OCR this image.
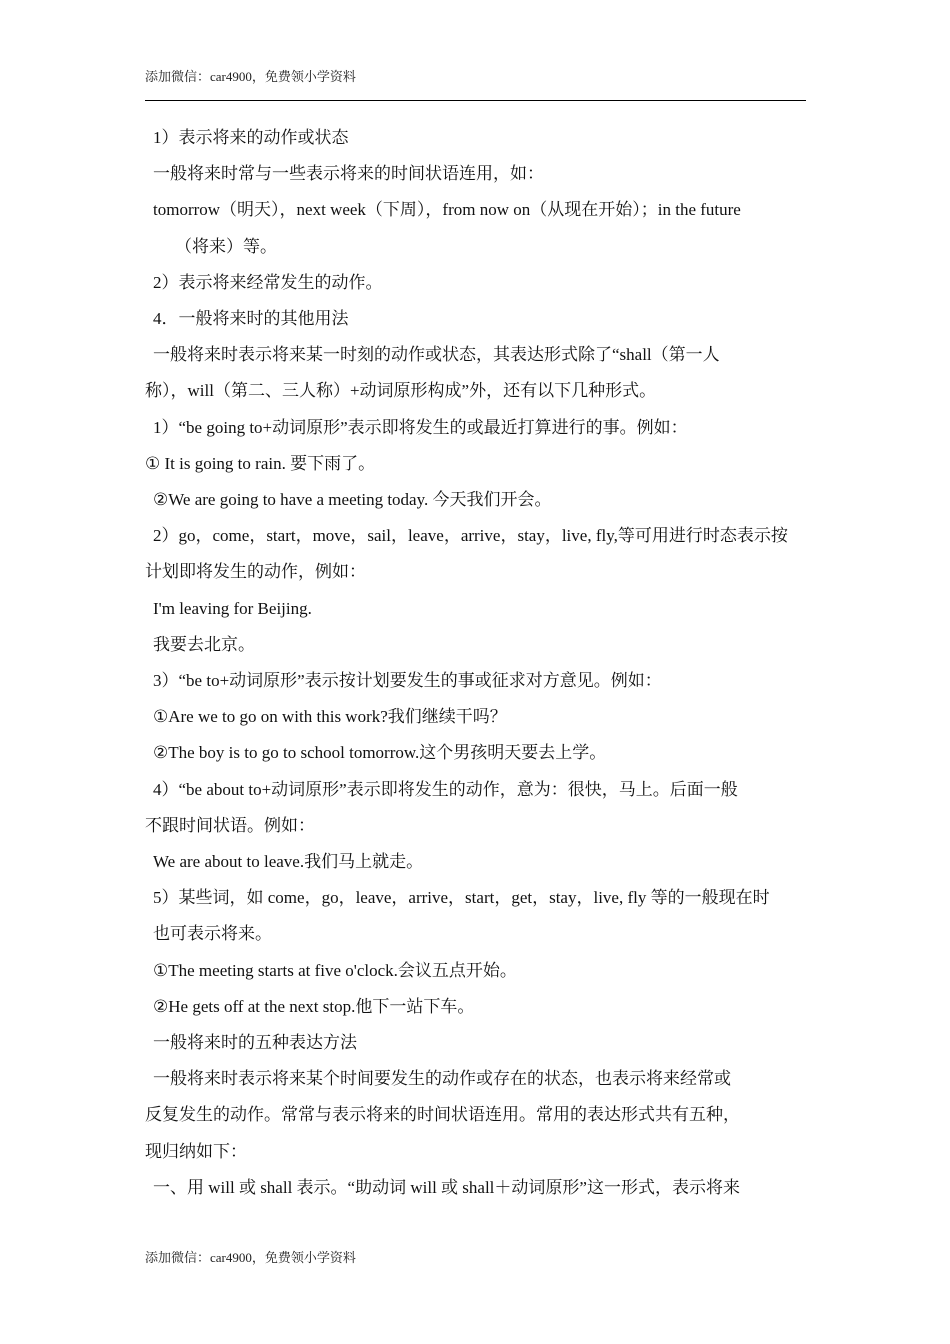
添加微信：car4900，免费领小学资料
1）表示将来的动作或状态
一般将来时常与一些表示将来的时间状语连用，如：
tomorrow（明天），next week（下周），from now on（从现在开始）；in the future
（将来）等。
2）表示将来经常发生的动作。
4．一般将来时的其他用法
一般将来时表示将来某一时刻的动作或状态，其表达形式除了“shall（第一人
称），will（第二、三人称）+动词原形构成”外，还有以下几种形式。
1）“be going to+动词原形”表示即将发生的或最近打算进行的事。例如：
① It is going to rain. 要下雨了。
②We are going to have a meeting today. 今天我们开会。
2）go，come，start，move，sail，leave，arrive，stay，live, fly,等可用进行时态表示按
计划即将发生的动作，例如：
I'm leaving for Beijing.
我要去北京。
3）“be to+动词原形”表示按计划要发生的事或征求对方意见。例如：
①Are we to go on with this work?我们继续干吗？
②The boy is to go to school tomorrow.这个男孩明天要去上学。
4）“be about to+动词原形”表示即将发生的动作，意为：很快，马上。后面一般
不跟时间状语。例如：
We are about to leave.我们马上就走。
5）某些词，如 come，go，leave，arrive，start，get，stay，live, fly 等的一般现在时
也可表示将来。
①The meeting starts at five o'clock.会议五点开始。
②He gets off at the next stop.他下一站下车。
一般将来时的五种表达方法
一般将来时表示将来某个时间要发生的动作或存在的状态，也表示将来经常或
反复发生的动作。常常与表示将来的时间状语连用。常用的表达形式共有五种，
现归纳如下：
一、用 will 或 shall 表示。“助动词 will 或 shall＋动词原形”这一形式，表示将来
添加微信：car4900，免费领小学资料
